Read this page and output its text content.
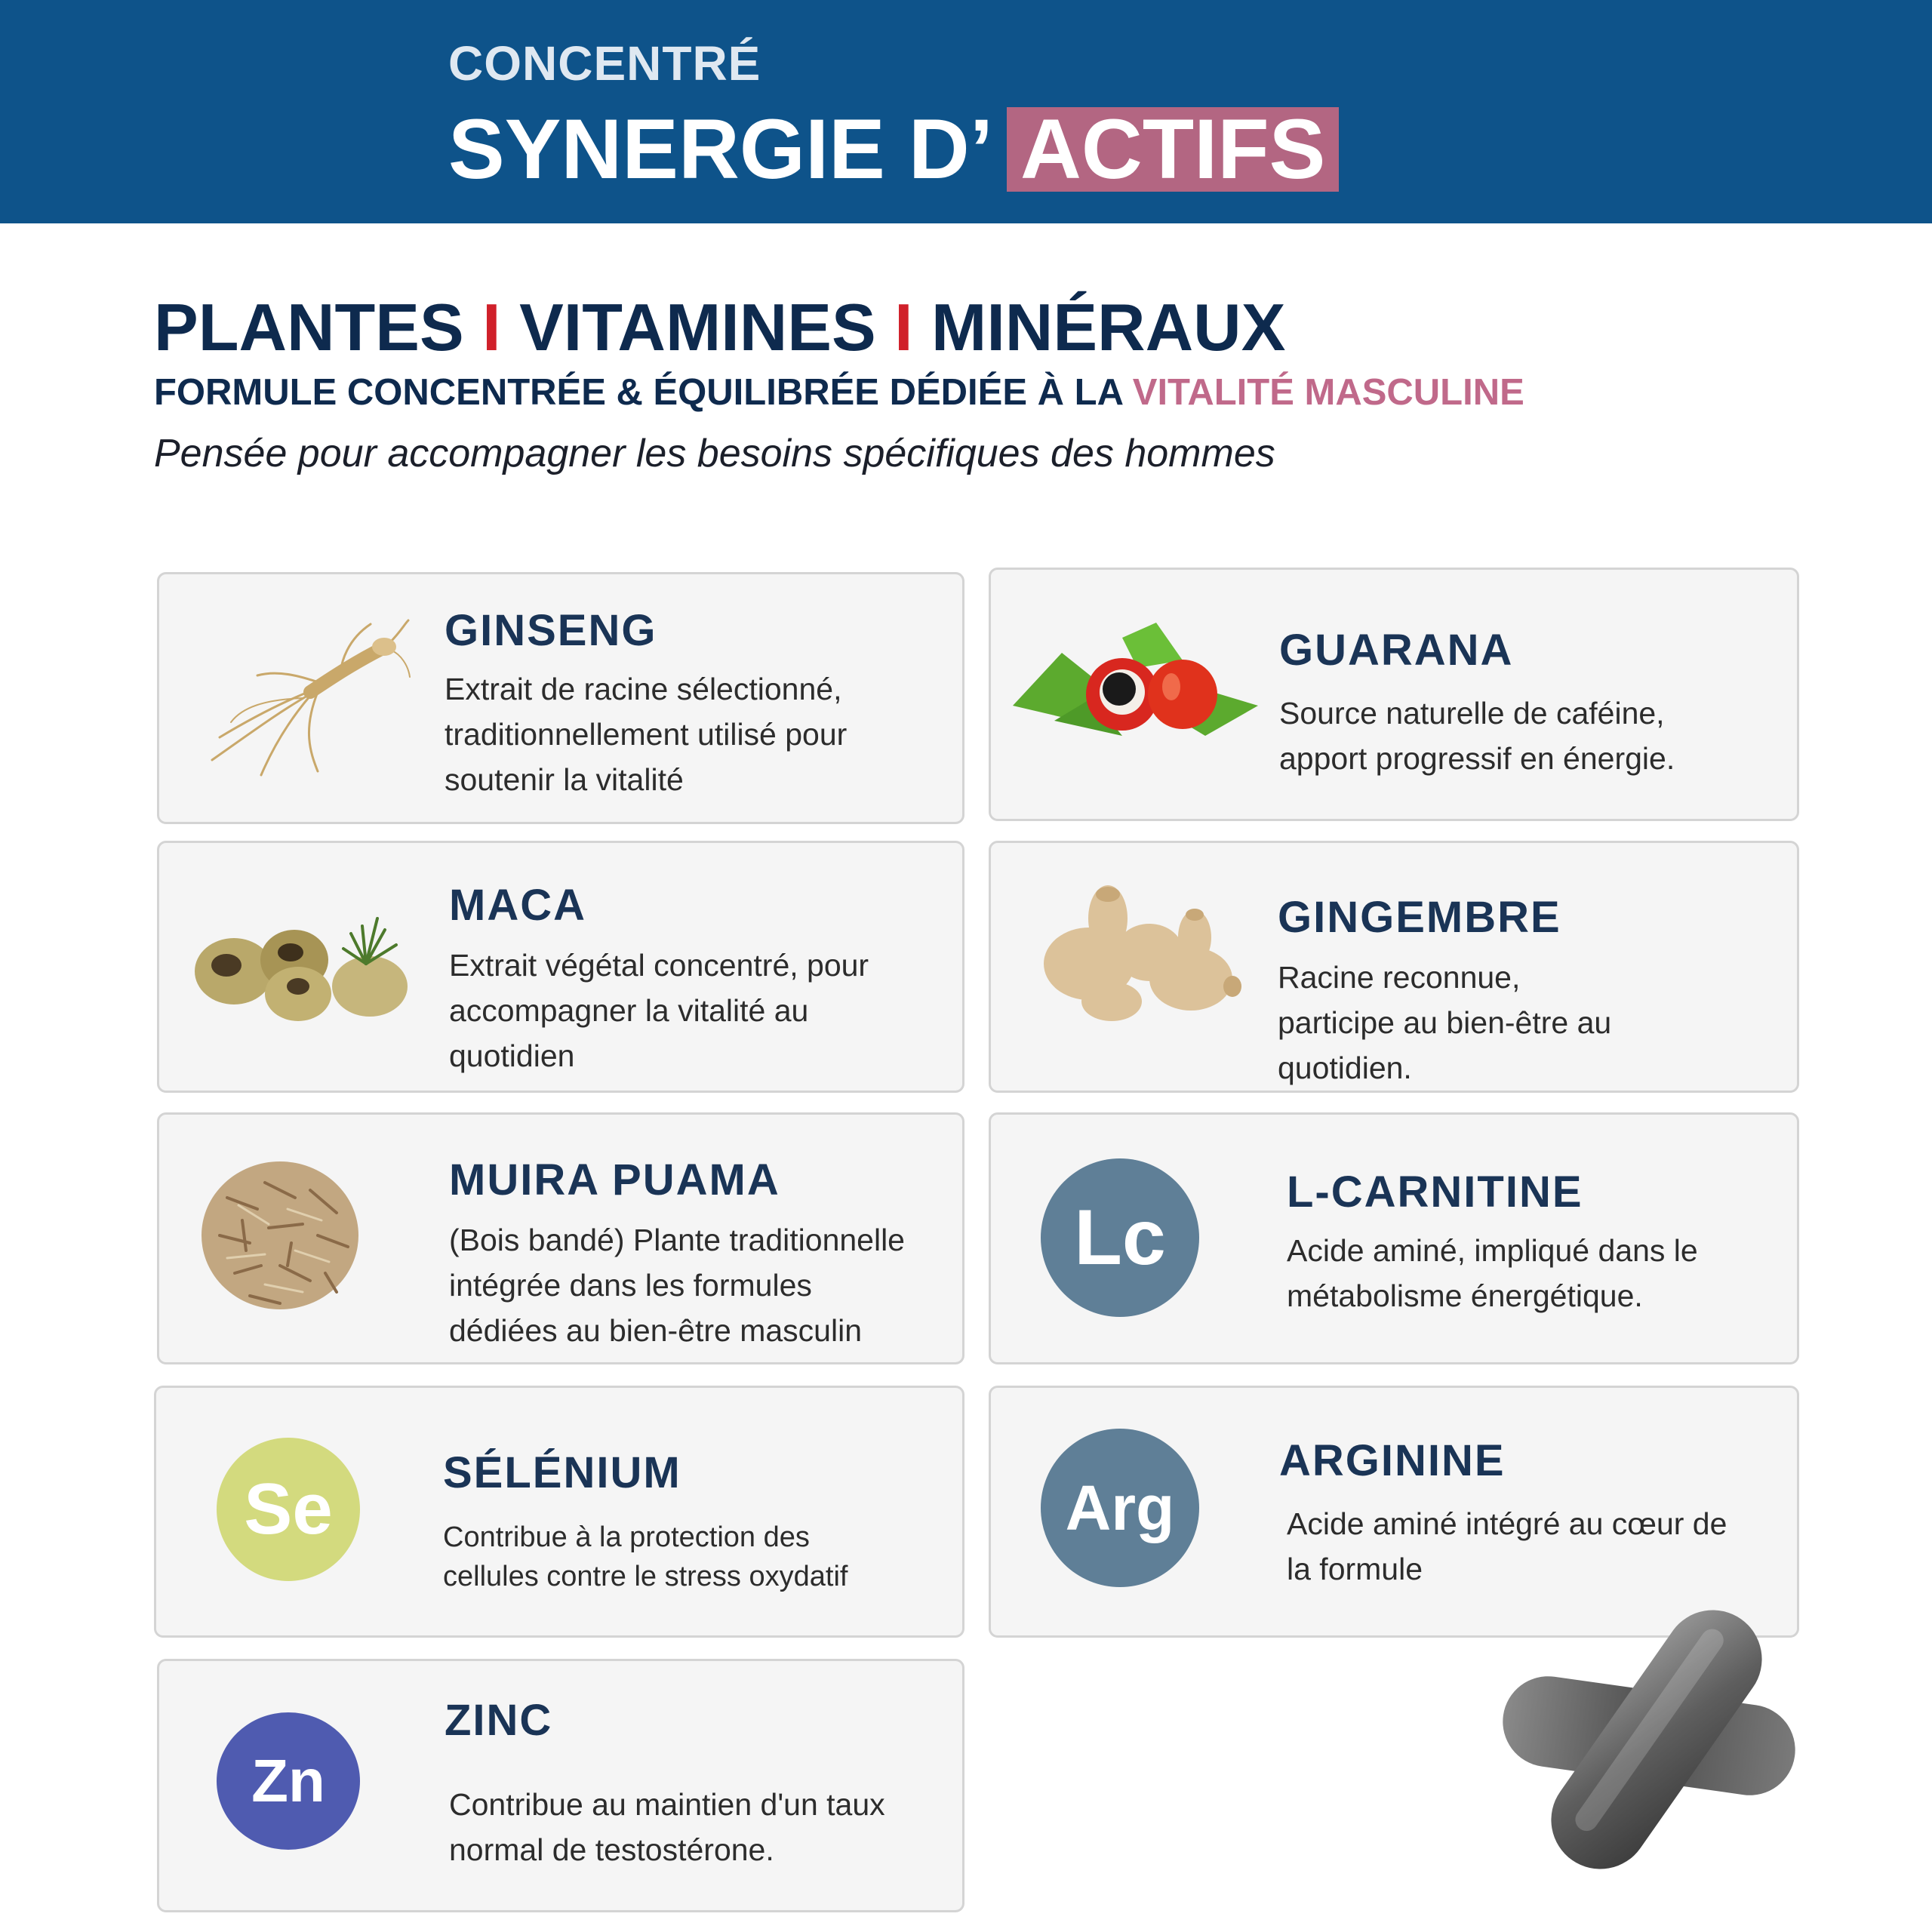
CONCENTRÉ
SYNERGIE D’ ACTIFS
PLANTES I VITAMINES I MINÉRAUX
FORMULE CONCENTRÉE & ÉQUILIBRÉE DÉDIÉE À LA VITALITÉ MASCULINE
Pensée pour accompagner les besoins spécifiques des hommes
GINSENG
Extrait de racine sélectionné,
traditionnellement utilisé pour
soutenir la vitalité
GUARANA
Source naturelle de caféine,
apport progressif en énergie.
MACA
Extrait végétal concentré, pour
accompagner la vitalité au
quotidien
GINGEMBRE
Racine reconnue,
participe au bien-être au
quotidien.
MUIRA PUAMA
(Bois bandé) Plante traditionnelle
intégrée dans les formules
dédiées au bien-être masculin
Lc
L-CARNITINE
Acide aminé, impliqué dans le
métabolisme énergétique.
Se	SÉLÉNIUM
Contribue à la protection des
cellules contre le stress oxydatif
Arg
ARGININE
Acide aminé intégré au cœur de
la formule
Zn
ZINC
Contribue au maintien d'un taux
normal de testostérone.
